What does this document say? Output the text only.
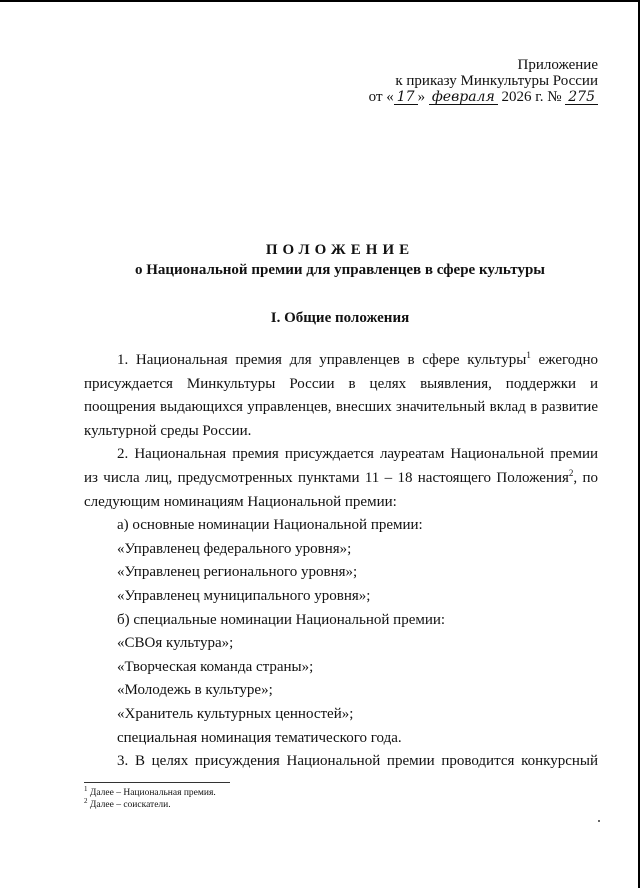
Приложение
к приказу Минкультуры России
от « 17 » февраля 2026 г. № 275
ПОЛОЖЕНИЕ
о Национальной премии для управленцев в сфере культуры
I. Общие положения

1. Национальная премия для управленцев в сфере культуры$^1$ ежегодно присуждается Минкультуры России в целях выявления, поддержки и поощрения выдающихся управленцев, внесших значительный вклад в развитие культурной среды России.

2. Национальная премия присуждается лауреатам Национальной премии из числа лиц, предусмотренных пунктами 11 – 18 настоящего Положения$^2$, по следующим номинациям Национальной премии:

а) основные номинации Национальной премии:

«Управленец федерального уровня»;

«Управленец регионального уровня»;

«Управленец муниципального уровня»;

б) специальные номинации Национальной премии:

«СВОя культура»;

«Творческая команда страны»;

«Молодежь в культуре»;

«Хранитель культурных ценностей»;

специальная номинация тематического года.

3. В целях присуждения Национальной премии проводится конкурсный

$^1$ Далее – Национальная премия.
$^2$ Далее – соискатели.
